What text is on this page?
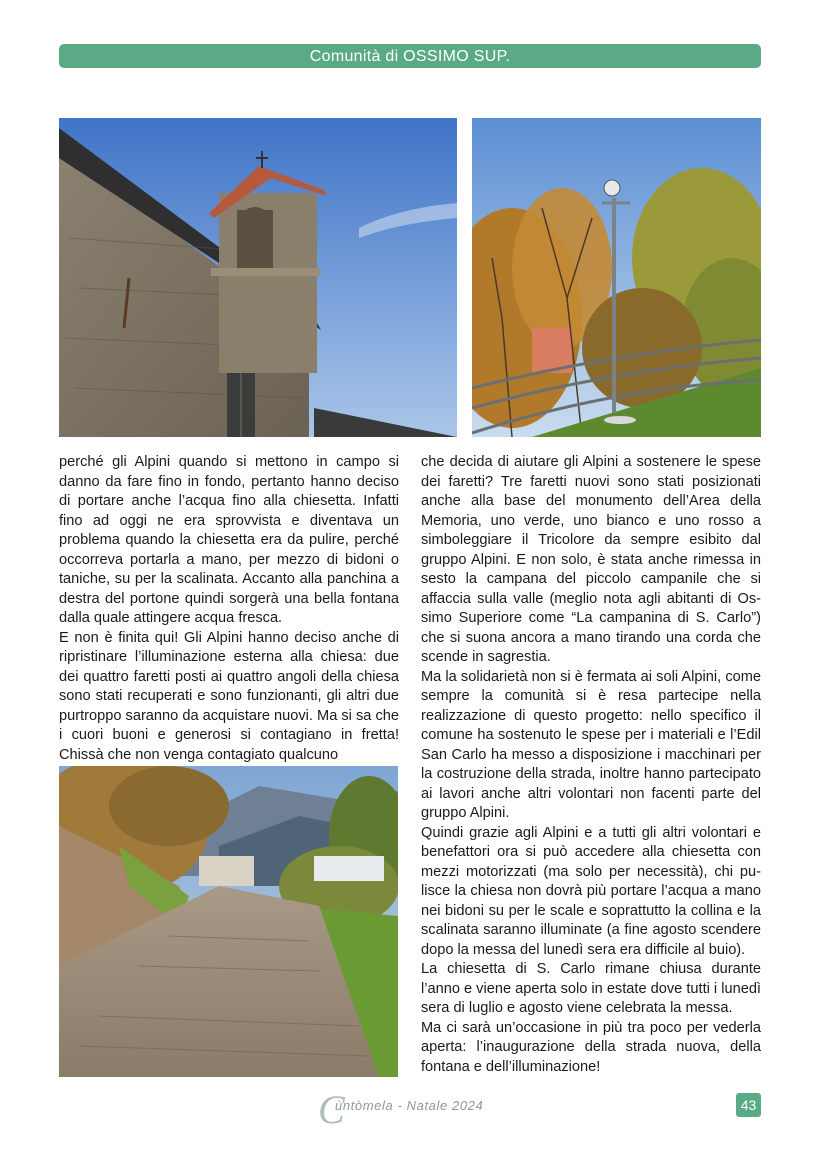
Comunità di OSSIMO SUP.

perché gli Alpini quando si mettono in campo si danno da fare fino in fondo, pertanto hanno deciso di portare anche l’acqua fino alla chiesetta. Infatti fino ad oggi ne era sprovvista e diventava un problema quando la chiesetta era da pulire, perché occorreva portarla a mano, per mezzo di bidoni o taniche, su per la scalinata. Accanto alla panchina a destra del portone quindi sorgerà una bella fontana dalla quale attingere acqua fresca.

E non è finita qui! Gli Alpini hanno deciso anche di ripristinare l’illuminazione esterna alla chiesa: due dei quattro faretti posti ai quattro angoli della chiesa sono stati recuperati e sono funzionanti, gli altri due purtroppo saranno da acquistare nuovi. Ma si sa che i cuori buoni e generosi si contagiano in fretta! Chissà che non venga contagiato qualcuno

che decida di aiutare gli Alpini a sostenere le spese dei faretti? Tre faretti nuovi sono stati posizionati anche alla base del monumento dell’Area della Memoria, uno verde, uno bianco e uno rosso a simboleggiare il Tricolore da sempre esibito dal gruppo Alpini. E non solo, è stata anche rimessa in sesto la campana del piccolo campanile che si affaccia sulla valle (meglio nota agli abitanti di Ossimo Superiore come “La campanina di S. Carlo”) che si suona ancora a mano tirando una corda che scende in sagrestia.

Ma la solidarietà non si è fermata ai soli Alpini, come sempre la comunità si è resa partecipe nella realizzazione di questo progetto: nello specifico il comune ha sostenuto le spese per i materiali e l’Edil San Carlo ha messo a disposizione i macchinari per la costruzione della strada, inoltre hanno partecipato ai lavori anche altri volontari non facenti parte del gruppo Alpini.

Quindi grazie agli Alpini e a tutti gli altri volontari e benefattori ora si può accedere alla chiesetta con mezzi motorizzati (ma solo per necessità), chi pulisce la chiesa non dovrà più portare l’acqua a mano nei bidoni su per le scale e soprattutto la collina e la scalinata saranno illuminate (a fine agosto scendere dopo la messa del lunedì sera era difficile al buio).

La chiesetta di S. Carlo rimane chiusa durante l’anno e viene aperta solo in estate dove tutti i lunedì sera di luglio e agosto viene celebrata la messa.

Ma ci sarà un’occasione in più tra poco per vederla aperta: l’inaugurazione della strada nuova, della fontana e dell’illuminazione!

C
ùntòmela - Natale 2024	43
